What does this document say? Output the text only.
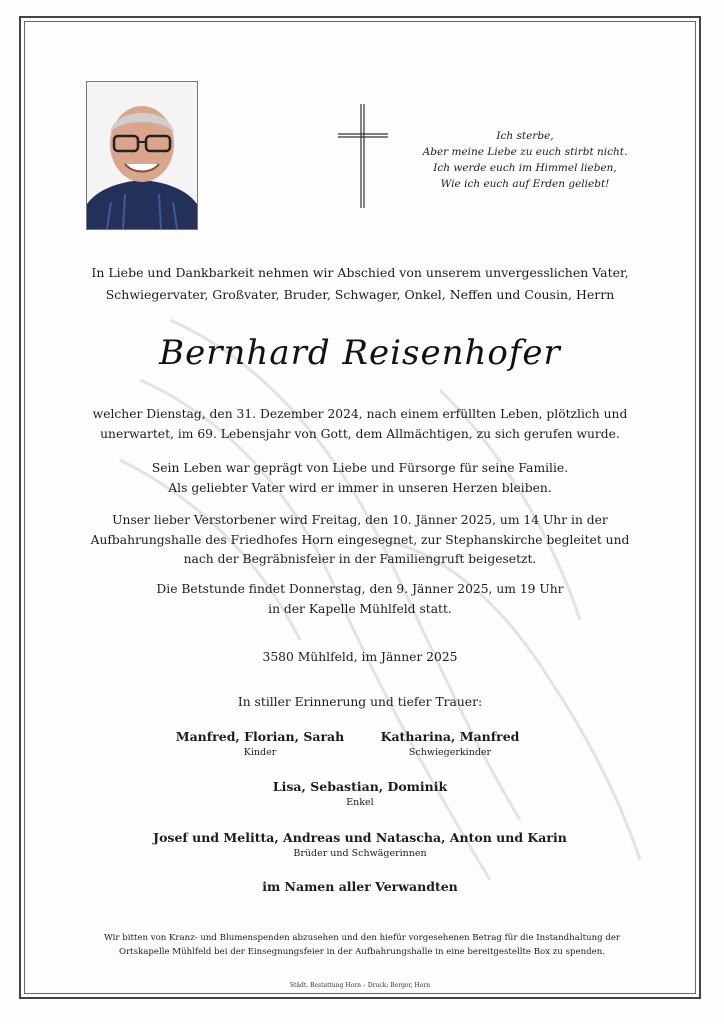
Ich sterbe,
Aber meine Liebe zu euch stirbt nicht.
Ich werde euch im Himmel lieben,
Wie ich euch auf Erden geliebt!
In Liebe und Dankbarkeit nehmen wir Abschied von unserem unvergesslichen Vater,
Schwiegervater, Großvater, Bruder, Schwager, Onkel, Neffen und Cousin, Herrn
Bernhard Reisenhofer
welcher Dienstag, den 31. Dezember 2024, nach einem erfüllten Leben, plötzlich und
unerwartet, im 69. Lebensjahr von Gott, dem Allmächtigen, zu sich gerufen wurde.
Sein Leben war geprägt von Liebe und Fürsorge für seine Familie.
Als geliebter Vater wird er immer in unseren Herzen bleiben.
Unser lieber Verstorbener wird Freitag, den 10. Jänner 2025, um 14 Uhr in der
Aufbahrungshalle des Friedhofes Horn eingesegnet, zur Stephanskirche begleitet und
nach der Begräbnisfeier in der Familiengruft beigesetzt.
Die Betstunde findet Donnerstag, den 9. Jänner 2025, um 19 Uhr
in der Kapelle Mühlfeld statt.
3580 Mühlfeld, im Jänner 2025
In stiller Erinnerung und tiefer Trauer:
Manfred, Florian, Sarah
Kinder
Katharina, Manfred
Schwiegerkinder
Lisa, Sebastian, Dominik
Enkel
Josef und Melitta, Andreas und Natascha, Anton und Karin
Brüder und Schwägerinnen
im Namen aller Verwandten
Wir bitten von Kranz- und Blumenspenden abzusehen und den hiefür vorgesehenen Betrag für die Instandhaltung der
Ortskapelle Mühlfeld bei der Einsegnungsfeier in der Aufbahrungshalle in eine bereitgestellte Box zu spenden.
Städt. Bestattung Horn – Druck: Berger, Horn
